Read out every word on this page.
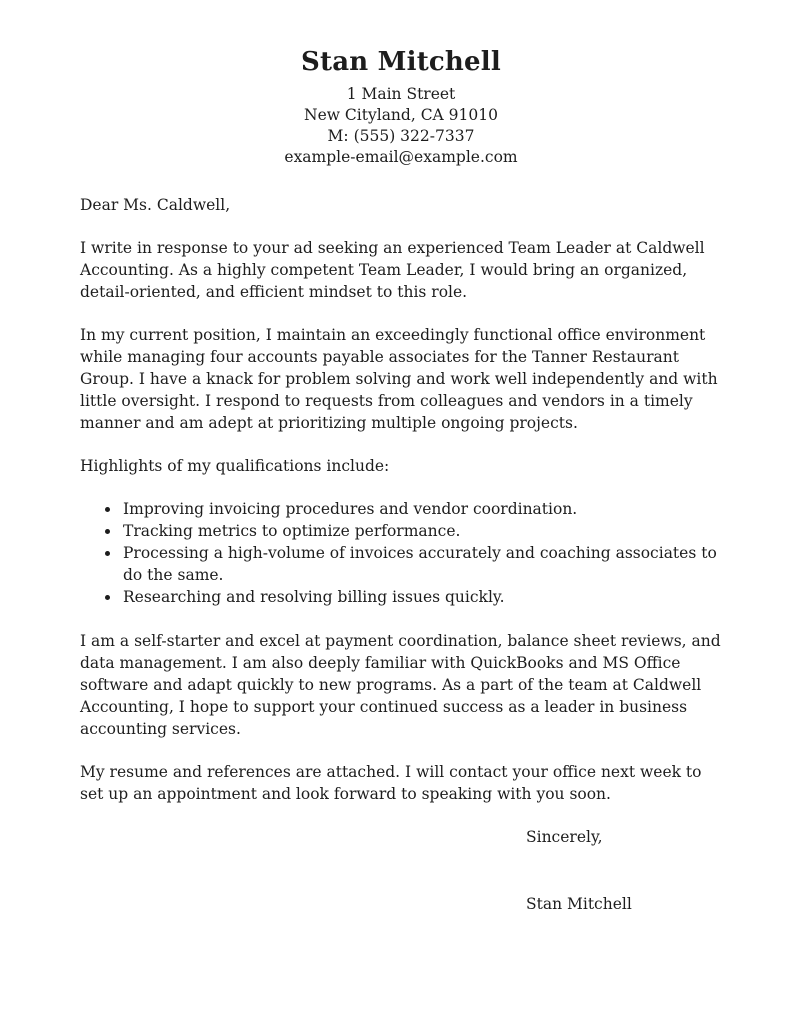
Stan Mitchell
1 Main Street
New Cityland, CA 91010
M: (555) 322-7337
example-email@example.com

Dear Ms. Caldwell,

I write in response to your ad seeking an experienced Team Leader at Caldwell Accounting. As a highly competent Team Leader, I would bring an organized, detail-oriented, and efficient mindset to this role.

In my current position, I maintain an exceedingly functional office environment while managing four accounts payable associates for the Tanner Restaurant Group. I have a knack for problem solving and work well independently and with little oversight. I respond to requests from colleagues and vendors in a timely manner and am adept at prioritizing multiple ongoing projects.

Highlights of my qualifications include:

• Improving invoicing procedures and vendor coordination.
• Tracking metrics to optimize performance.
• Processing a high-volume of invoices accurately and coaching associates to do the same.
• Researching and resolving billing issues quickly.

I am a self-starter and excel at payment coordination, balance sheet reviews, and data management. I am also deeply familiar with QuickBooks and MS Office software and adapt quickly to new programs. As a part of the team at Caldwell Accounting, I hope to support your continued success as a leader in business accounting services.

My resume and references are attached. I will contact your office next week to set up an appointment and look forward to speaking with you soon.

Sincerely,

Stan Mitchell
